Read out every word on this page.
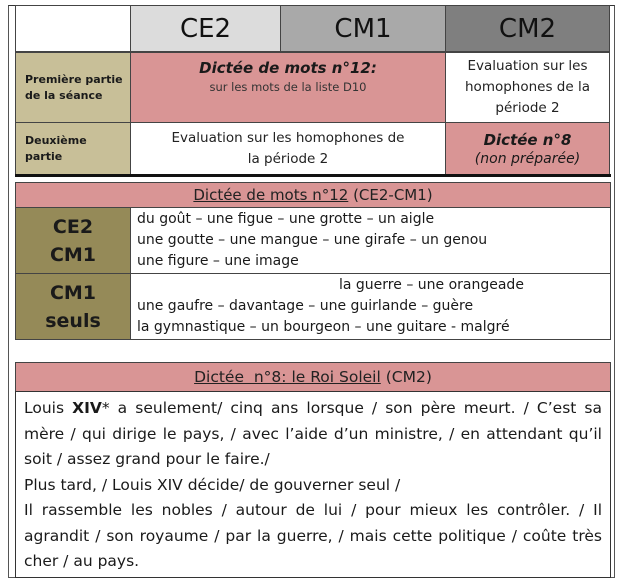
CE2	CM1	CM2
Première partie de la séance
Dictée de mots n°12:
sur les mots de la liste D10
Evaluation sur les homophones de la période 2
Deuxième partie
Evaluation sur les homophones de la période 2
Dictée n°8
(non préparée)
Dictée de mots n°12 (CE2-CM1)
CE2
CM1
du goût – une figue – une grotte – un aigle
une goutte – une mangue – une girafe – un genou
une figure – une image
CM1
seuls
la guerre – une orangeade
une gaufre – davantage – une guirlande – guère
la gymnastique – un bourgeon – une guitare - malgré
Dictée  n°8: le Roi Soleil (CM2)

Louis XIV* a seulement/ cinq ans lorsque / son père meurt. / C’est sa mère / qui dirige le pays, / avec l’aide d’un ministre, / en attendant qu’il soit / assez grand pour le faire./

Plus tard, / Louis XIV décide/ de gouverner seul /

Il rassemble les nobles / autour de lui / pour mieux les contrôler. / Il agrandit / son royaume / par la guerre, / mais cette politique / coûte très cher / au pays.
